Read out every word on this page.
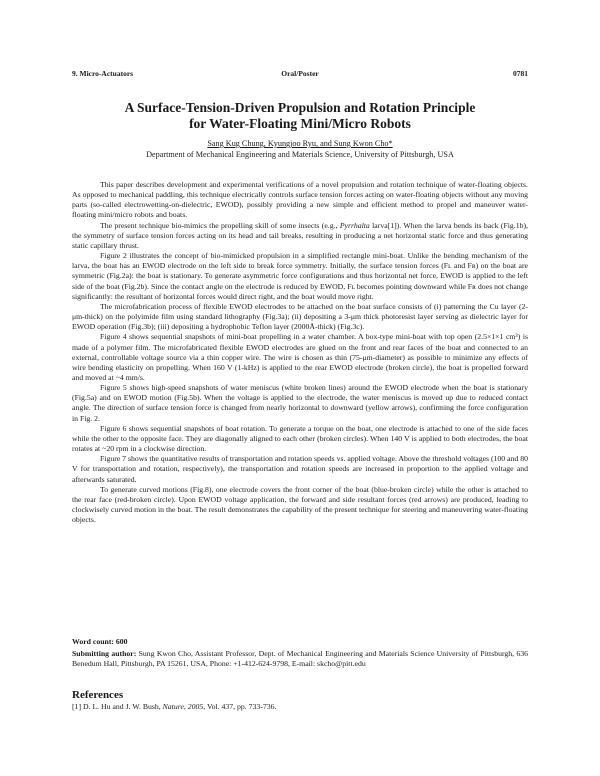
9. Micro-Actuators	Oral/Poster	0781
A Surface-Tension-Driven Propulsion and Rotation Principle
for Water-Floating Mini/Micro Robots
Sang Kug Chung, Kyungjoo Ryu, and Sung Kwon Cho*
Department of Mechanical Engineering and Materials Science, University of Pittsburgh, USA

This paper describes development and experimental verifications of a novel propulsion and rotation technique of water-floating objects. As opposed to mechanical paddling, this technique electrically controls surface tension forces acting on water-floating objects without any moving parts (so-called electrowetting-on-dielectric, EWOD), possibly providing a new simple and efficient method to propel and maneuver water-floating mini/micro robots and boats.

The present technique bio-mimics the propelling skill of some insects (e.g., Pyrrhalta larva[1]). When the larva bends its back (Fig.1b), the symmetry of surface tension forces acting on its head and tail breaks, resulting in producing a net horizontal static force and thus generating static capillary thrust.

Figure 2 illustrates the concept of bio-mimicked propulsion in a simplified rectangle mini-boat. Unlike the bending mechanism of the larva, the boat has an EWOD electrode on the left side to break force symmetry. Initially, the surface tension forces (Fʟ and Fʀ) on the boat are symmetric (Fig.2a): the boat is stationary. To generate asymmetric force configurations and thus horizontal net force, EWOD is applied to the left side of the boat (Fig.2b). Since the contact angle on the electrode is reduced by EWOD, Fʟ becomes pointing downward while Fʀ does not change significantly: the resultant of horizontal forces would direct right, and the boat would move right.

The microfabrication process of flexible EWOD electrodes to be attached on the boat surface consists of (i) patterning the Cu layer (2-μm-thick) on the polyimide film using standard lithography (Fig.3a); (ii) depositing a 3-μm thick photoresist layer serving as dielectric layer for EWOD operation (Fig.3b); (iii) depositing a hydrophobic Teflon layer (2000Å-thick) (Fig.3c).

Figure 4 shows sequential snapshots of mini-boat propelling in a water chamber. A box-type mini-boat with top open (2.5×1×1 cm³) is made of a polymer film. The microfabricated flexible EWOD electrodes are glued on the front and rear faces of the boat and connected to an external, controllable voltage source via a thin copper wire. The wire is chosen as thin (75-μm-diameter) as possible to minimize any effects of wire bending elasticity on propelling. When 160 V (1-kHz) is applied to the rear EWOD electrode (broken circle), the boat is propelled forward and moved at ~4 mm/s.

Figure 5 shows high-speed snapshots of water meniscus (white broken lines) around the EWOD electrode when the boat is stationary (Fig.5a) and on EWOD motion (Fig.5b). When the voltage is applied to the electrode, the water meniscus is moved up due to reduced contact angle. The direction of surface tension force is changed from nearly horizontal to downward (yellow arrows), confirming the force configuration in Fig. 2.

Figure 6 shows sequential snapshots of boat rotation. To generate a torque on the boat, one electrode is attached to one of the side faces while the other to the opposite face. They are diagonally aligned to each other (broken circles). When 140 V is applied to both electrodes, the boat rotates at ~20 rpm in a clockwise direction.

Figure 7 shows the quantitative results of transportation and rotation speeds vs. applied voltage. Above the threshold voltages (100 and 80 V for transportation and rotation, respectively), the transportation and rotation speeds are increased in proportion to the applied voltage and afterwards saturated.

To generate curved motions (Fig.8), one electrode covers the front corner of the boat (blue-broken circle) while the other is attached to the rear face (red-broken circle). Upon EWOD voltage application, the forward and side resultant forces (red arrows) are produced, leading to clockwisely curved motion in the boat. The result demonstrates the capability of the present technique for steering and maneuvering water-floating objects.

Word count: 600
Submitting author: Sung Kwon Cho, Assistant Professor, Dept. of Mechanical Engineering and Materials Science University of Pittsburgh, 636 Benedum Hall, Pittsburgh, PA 15261, USA, Phone: +1-412-624-9798, E-mail: skcho@pitt.edu
References
[1] D. L. Hu and J. W. Bush, Nature, 2005, Vol. 437, pp. 733-736.
